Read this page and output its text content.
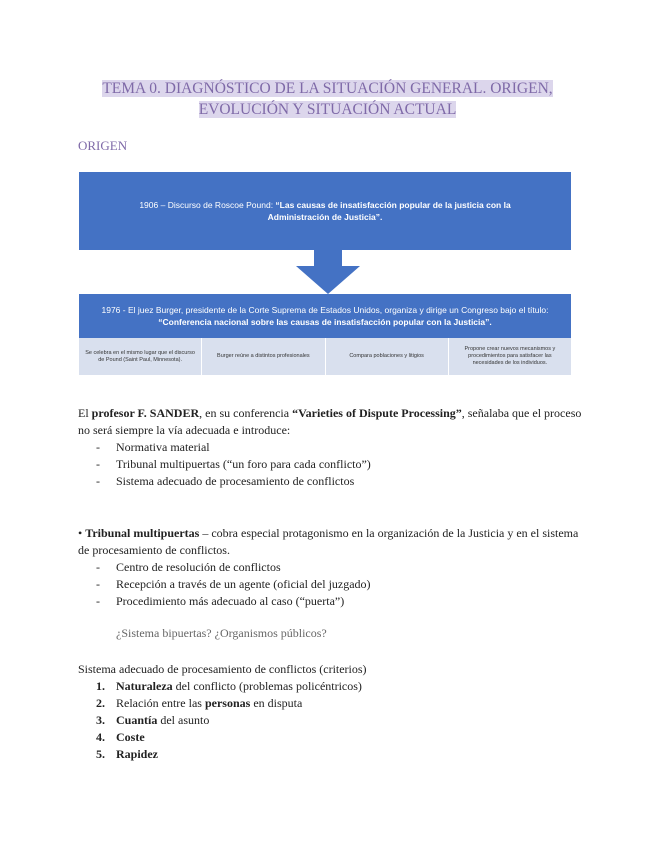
TEMA 0. DIAGNÓSTICO DE LA SITUACIÓN GENERAL. ORIGEN,
EVOLUCIÓN Y SITUACIÓN ACTUAL
ORIGEN
1906 – Discurso de Roscoe Pound: “Las causas de insatisfacción popular de la justicia con la Administración de Justicia”.
1976 - El juez Burger, presidente de la Corte Suprema de Estados Unidos, organiza y dirige un Congreso bajo el título: “Conferencia nacional sobre las causas de insatisfacción popular con la Justicia”.
Se celebra en el mismo lugar que el discurso de Pound (Saint Paul, Minnesota).
Burger reúne a distintos profesionales	Compara poblaciones y litigios
Propone crear nuevos mecanismos y procedimientos para satisfacer las necesidades de los individuos.
El profesor F. SANDER, en su conferencia “Varieties of Dispute Processing”, señalaba que el proceso no será siempre la vía adecuada e introduce:
- Normativa material
- Tribunal multipuertas (“un foro para cada conflicto”)
- Sistema adecuado de procesamiento de conflictos
• Tribunal multipuertas – cobra especial protagonismo en la organización de la Justicia y en el sistema de procesamiento de conflictos.
- Centro de resolución de conflictos
- Recepción a través de un agente (oficial del juzgado)
- Procedimiento más adecuado al caso (“puerta”)
¿Sistema bipuertas? ¿Organismos públicos?
Sistema adecuado de procesamiento de conflictos (criterios)
1. Naturaleza del conflicto (problemas policéntricos)
2. Relación entre las personas en disputa
3. Cuantía del asunto
4. Coste
5. Rapidez
